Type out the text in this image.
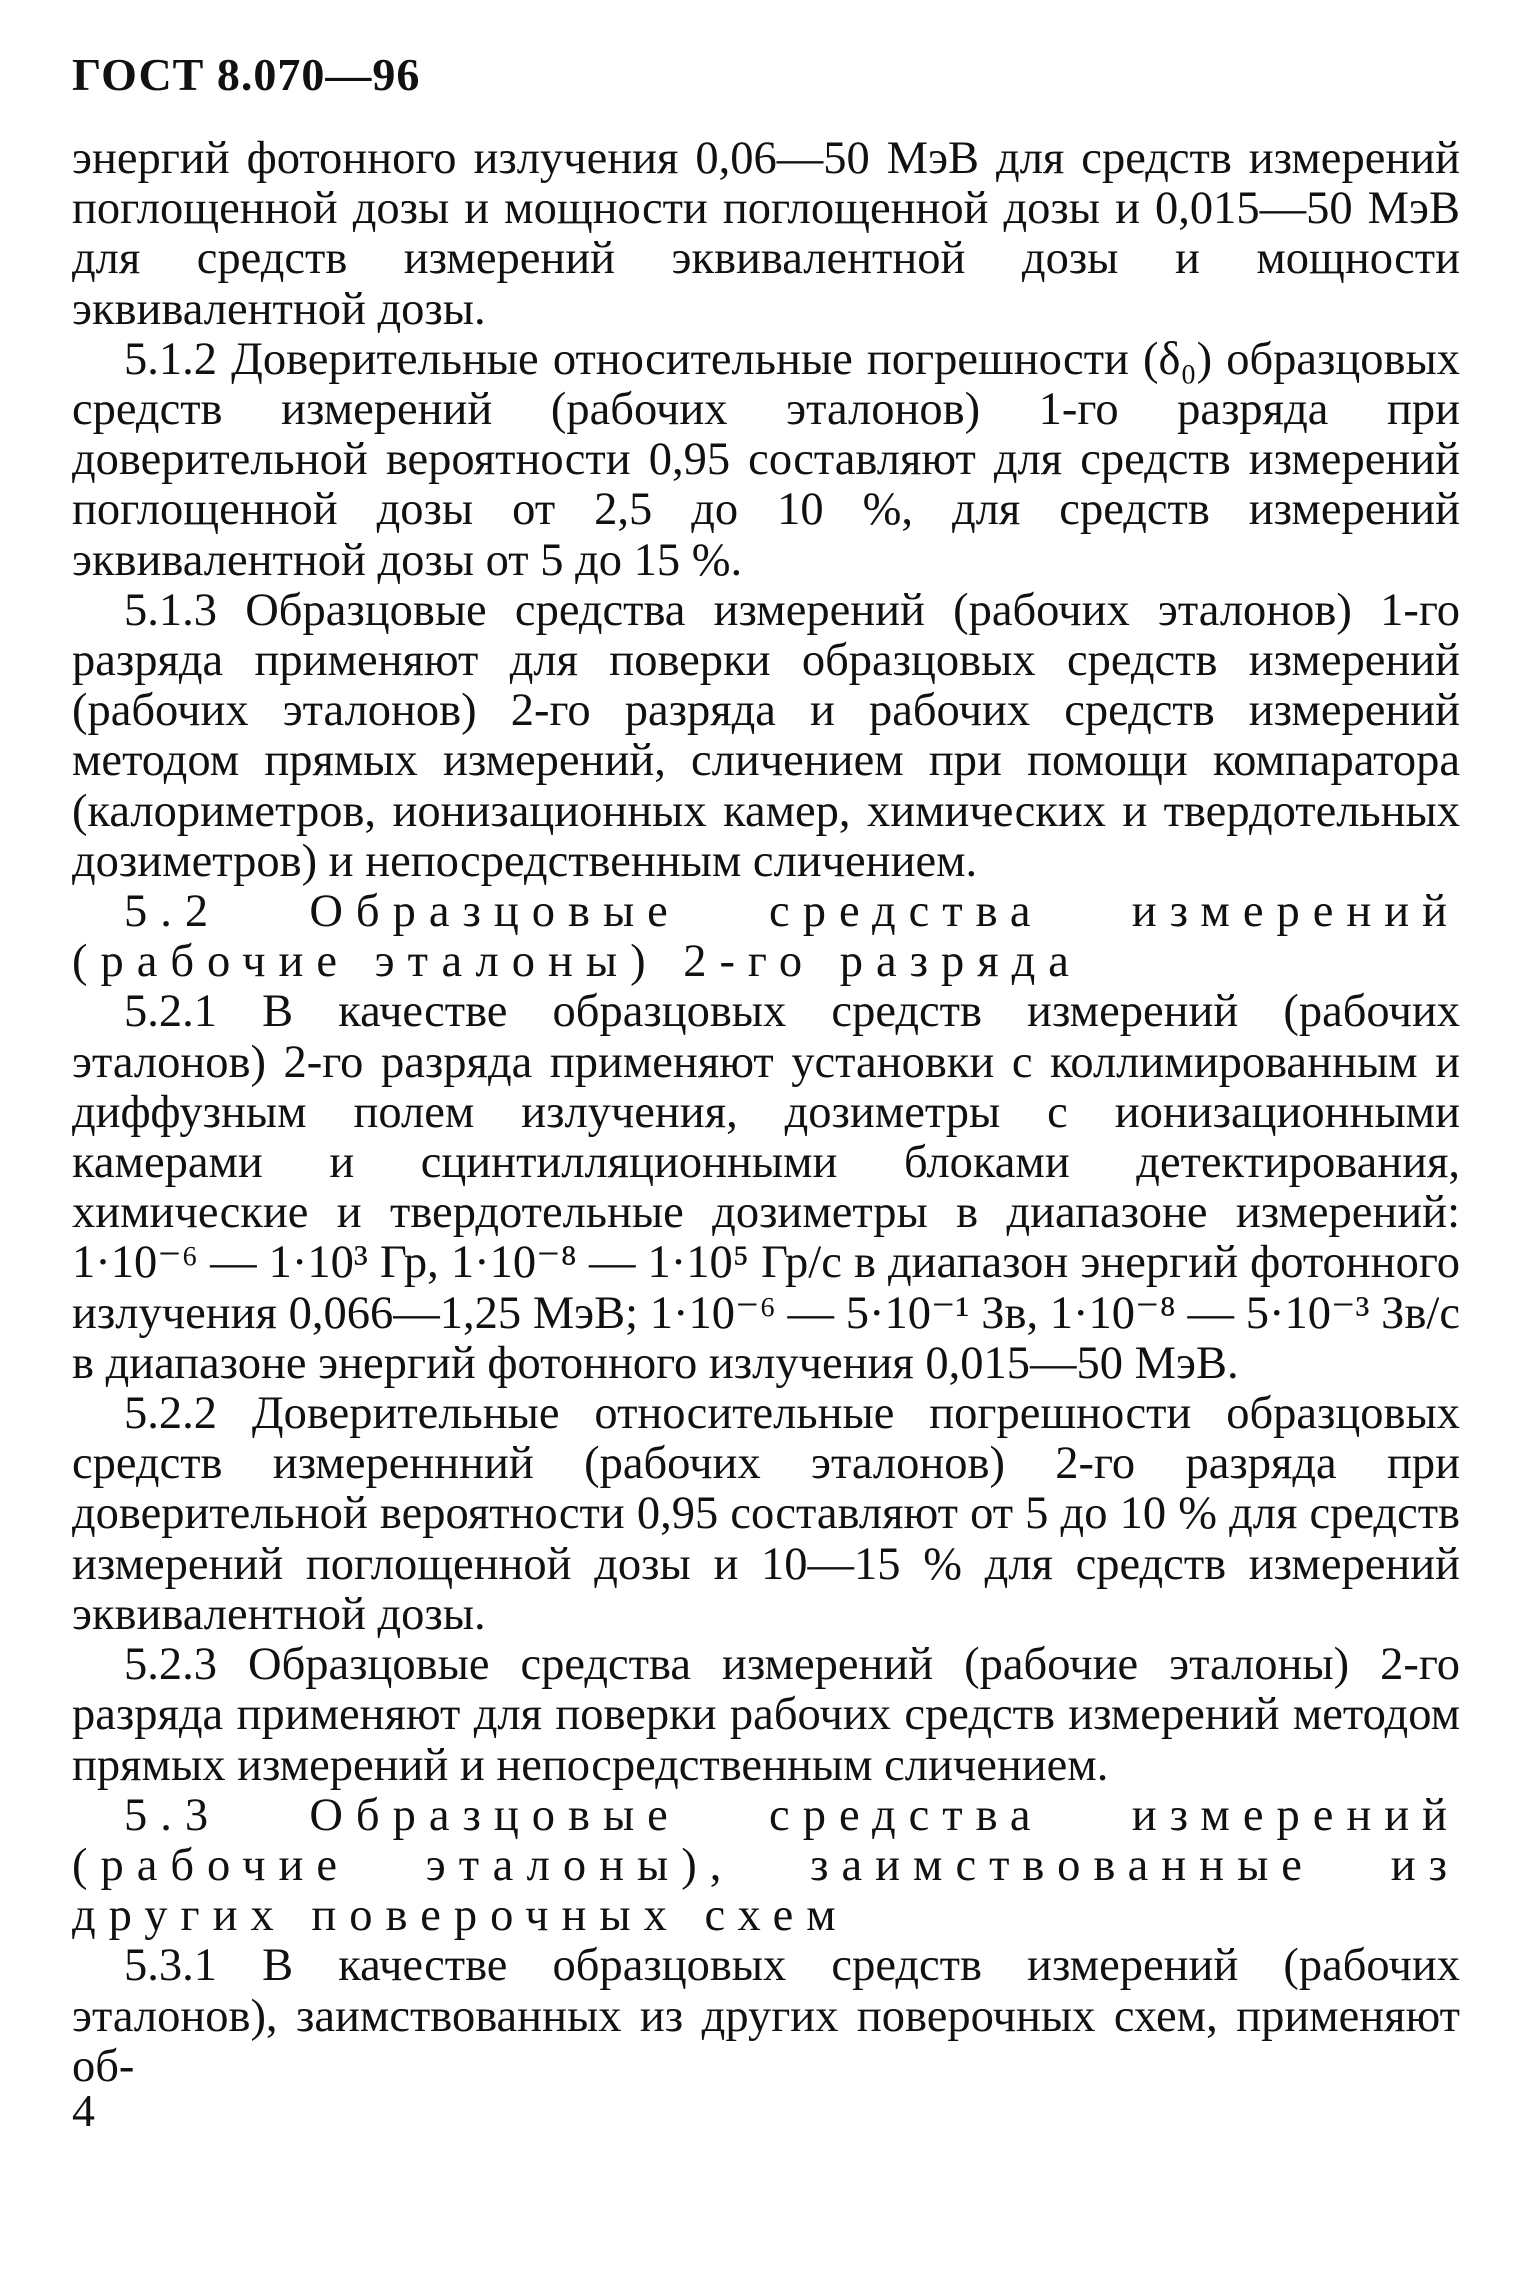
ГОСТ 8.070—96

энергий фотонного излучения 0,06—50 МэВ для средств измерений поглощенной дозы и мощности поглощенной дозы и 0,015—50 МэВ для средств измерений эквивалентной дозы и мощности эквивалентной дозы.

5.1.2 Доверительные относительные погрешности (δ₀) образцовых средств измерений (рабочих эталонов) 1-го разряда при доверительной вероятности 0,95 составляют для средств измерений поглощенной дозы от 2,5 до 10 %, для средств измерений эквивалентной дозы от 5 до 15 %.

5.1.3 Образцовые средства измерений (рабочих эталонов) 1-го разряда применяют для поверки образцовых средств измерений (рабочих эталонов) 2-го разряда и рабочих средств измерений методом прямых измерений, сличением при помощи компаратора (калориметров, ионизационных камер, химических и твердотельных дозиметров) и непосредственным сличением.

5.2 Образцовые средства измерений (рабочие эталоны) 2-го разряда

5.2.1 В качестве образцовых средств измерений (рабочих эталонов) 2-го разряда применяют установки с коллимированным и диффузным полем излучения, дозиметры с ионизационными камерами и сцинтилляционными блоками детектирования, химические и твердотельные дозиметры в диапазоне измерений: 1·10⁻⁶ — 1·10³ Гр, 1·10⁻⁸ — 1·10⁵ Гр/с в диапазон энергий фотонного излучения 0,066—1,25 МэВ; 1·10⁻⁶ — 5·10⁻¹ Зв, 1·10⁻⁸ — 5·10⁻³ Зв/с в диапазоне энергий фотонного излучения 0,015—50 МэВ.

5.2.2 Доверительные относительные погрешности образцовых средств измереннний (рабочих эталонов) 2-го разряда при доверительной вероятности 0,95 составляют от 5 до 10 % для средств измерений поглощенной дозы и 10—15 % для средств измерений эквивалентной дозы.

5.2.3 Образцовые средства измерений (рабочие эталоны) 2-го разряда применяют для поверки рабочих средств измерений методом прямых измерений и непосредственным сличением.

5.3 Образцовые средства измерений (рабочие эталоны), заимствованные из других поверочных схем

5.3.1 В качестве образцовых средств измерений (рабочих эталонов), заимствованных из других поверочных схем, применяют об-

4
